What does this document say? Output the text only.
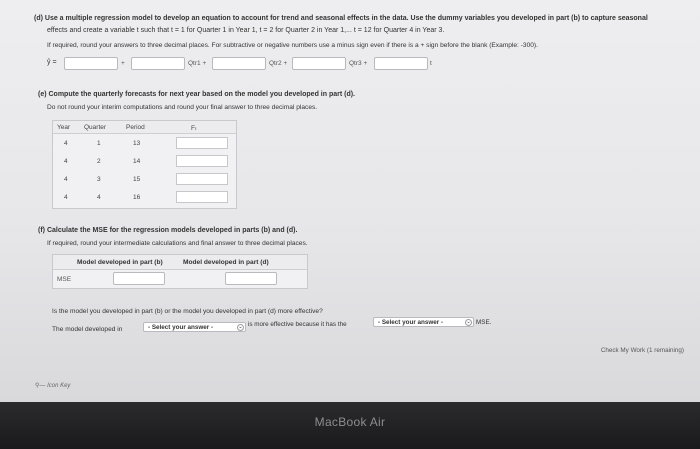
(d) Use a multiple regression model to develop an equation to account for trend and seasonal effects in the data. Use the dummy variables you developed in part (b) to capture seasonal
effects and create a variable t such that t = 1 for Quarter 1 in Year 1, t = 2 for Quarter 2 in Year 1,... t = 12 for Quarter 4 in Year 3.
If required, round your answers to three decimal places. For subtractive or negative numbers use a minus sign even if there is a + sign before the blank (Example: -300).
ŷ =	+	Qtr1 +	Qtr2 +	Qtr3 +	t
(e) Compute the quarterly forecasts for next year based on the model you developed in part (d).
Do not round your interim computations and round your final answer to three decimal places.
Year Quarter	Period	Fₜ
4	1	13
4	2	14
4	3	15
4	4	16
(f) Calculate the MSE for the regression models developed in parts (b) and (d).
If required, round your intermediate calculations and final answer to three decimal places.
Model developed in part (b)	Model developed in part (d)
MSE
Is the model you developed in part (b) or the model you developed in part (d) more effective?
The model developed in	- Select your answer -	⌄ is more effective because it has the	- Select your answer -	⌄ MSE.
Check My Work (1 remaining)
⚲— Icon Key
MacBook Air
